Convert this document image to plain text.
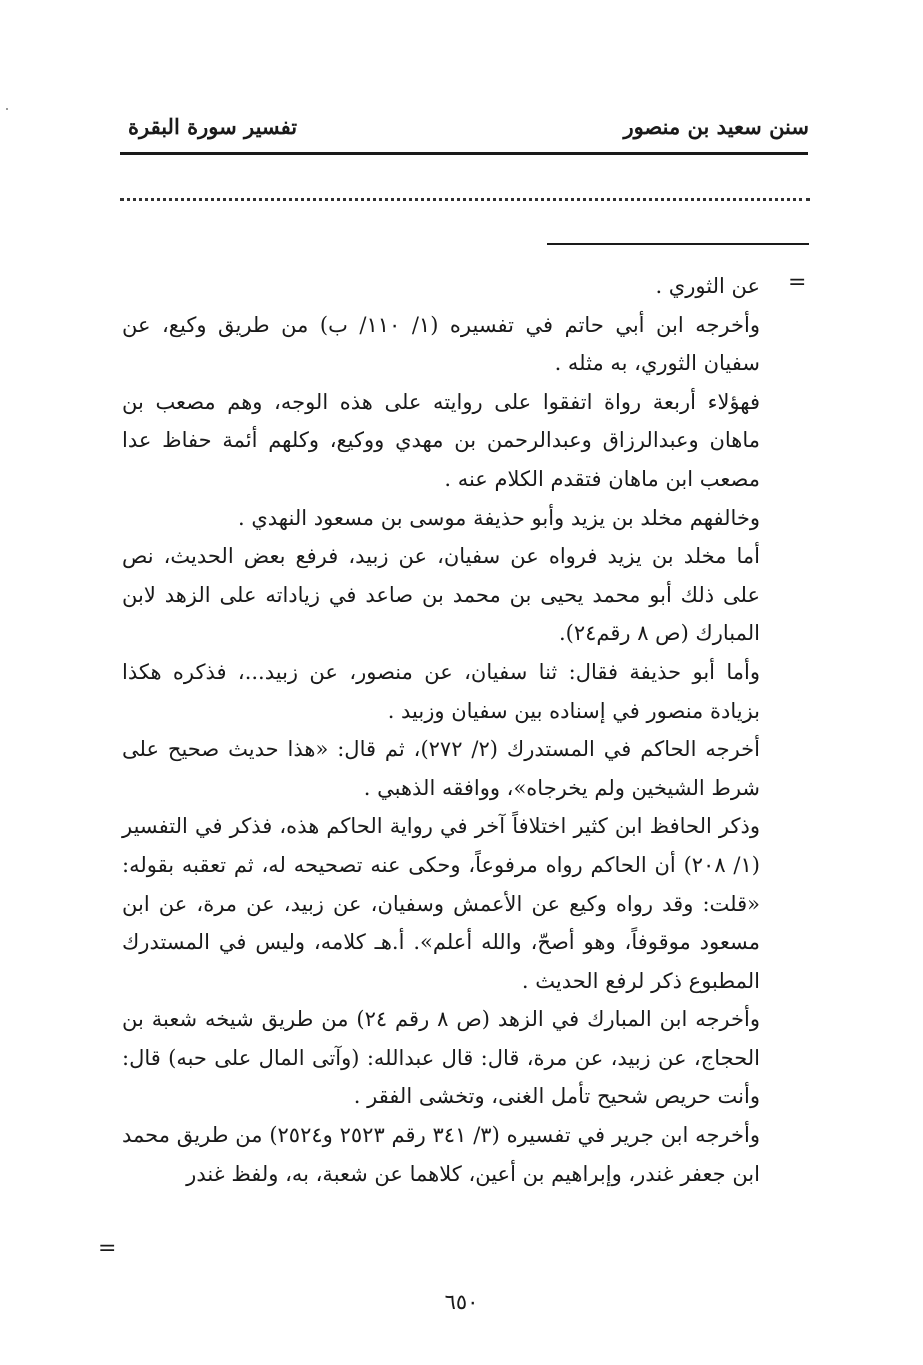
سنن سعيد بن منصور
تفسير سورة البقرة
=
=

عن الثوري .

وأخرجه ابن أبي حاتم في تفسيره (١/ ١١٠/ ب) من طريق وكيع، عن سفيان الثوري، به مثله .

فهؤلاء أربعة رواة اتفقوا على روايته على هذه الوجه، وهم مصعب بن ماهان وعبدالرزاق وعبدالرحمن بن مهدي ووكيع، وكلهم أئمة حفاظ عدا مصعب ابن ماهان فتقدم الكلام عنه .

وخالفهم مخلد بن يزيد وأبو حذيفة موسى بن مسعود النهدي .

أما مخلد بن يزيد فرواه عن سفيان، عن زبيد، فرفع بعض الحديث، نص على ذلك أبو محمد يحيى بن محمد بن صاعد في زياداته على الزهد لابن المبارك (ص ٨ رقم٢٤).

وأما أبو حذيفة فقال: ثنا سفيان، عن منصور، عن زبيد...، فذكره هكذا بزيادة منصور في إسناده بين سفيان وزبيد .

أخرجه الحاكم في المستدرك (٢/ ٢٧٢)، ثم قال: «هذا حديث صحيح على شرط الشيخين ولم يخرجاه»، ووافقه الذهبي .

وذكر الحافظ ابن كثير اختلافاً آخر في رواية الحاكم هذه، فذكر في التفسير (١/ ٢٠٨) أن الحاكم رواه مرفوعاً، وحكى عنه تصحيحه له، ثم تعقبه بقوله: «قلت: وقد رواه وكيع عن الأعمش وسفيان، عن زبيد، عن مرة، عن ابن مسعود موقوفاً، وهو أصحّ، والله أعلم». أ.هـ كلامه، وليس في المستدرك المطبوع ذكر لرفع الحديث .

وأخرجه ابن المبارك في الزهد (ص ٨ رقم ٢٤) من طريق شيخه شعبة بن الحجاج، عن زبيد، عن مرة، قال: قال عبدالله: (وآتى المال على حبه) قال: وأنت حريص شحيح تأمل الغنى، وتخشى الفقر .

وأخرجه ابن جرير في تفسيره (٣/ ٣٤١ رقم ٢٥٢٣ و٢٥٢٤) من طريق محمد ابن جعفر غندر، وإبراهيم بن أعين، كلاهما عن شعبة، به، ولفظ غندر

٦٥٠
